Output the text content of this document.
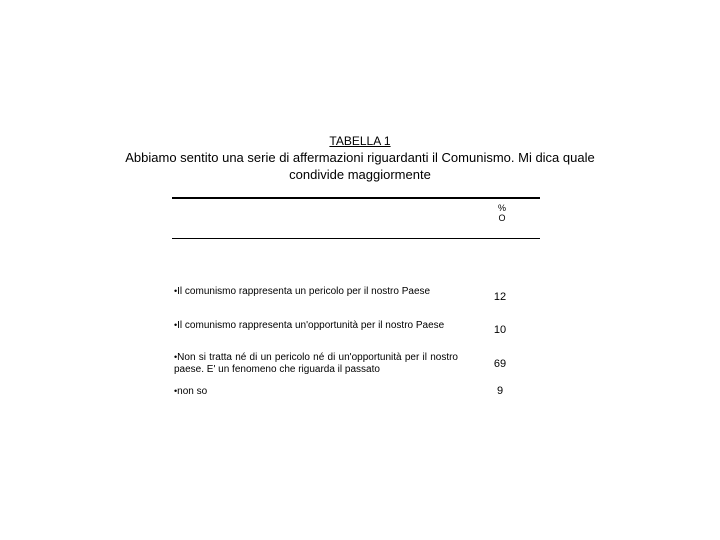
TABELLA 1
Abbiamo sentito una serie di affermazioni riguardanti il Comunismo. Mi dica quale
condivide maggiormente
%
O
•Il comunismo rappresenta un pericolo per il nostro Paese	12
•Il comunismo rappresenta un'opportunità per il nostro Paese	10
•Non si tratta né di un pericolo né di un'opportunità per il nostro paese. E' un fenomeno che riguarda il passato	69
•non so	9
